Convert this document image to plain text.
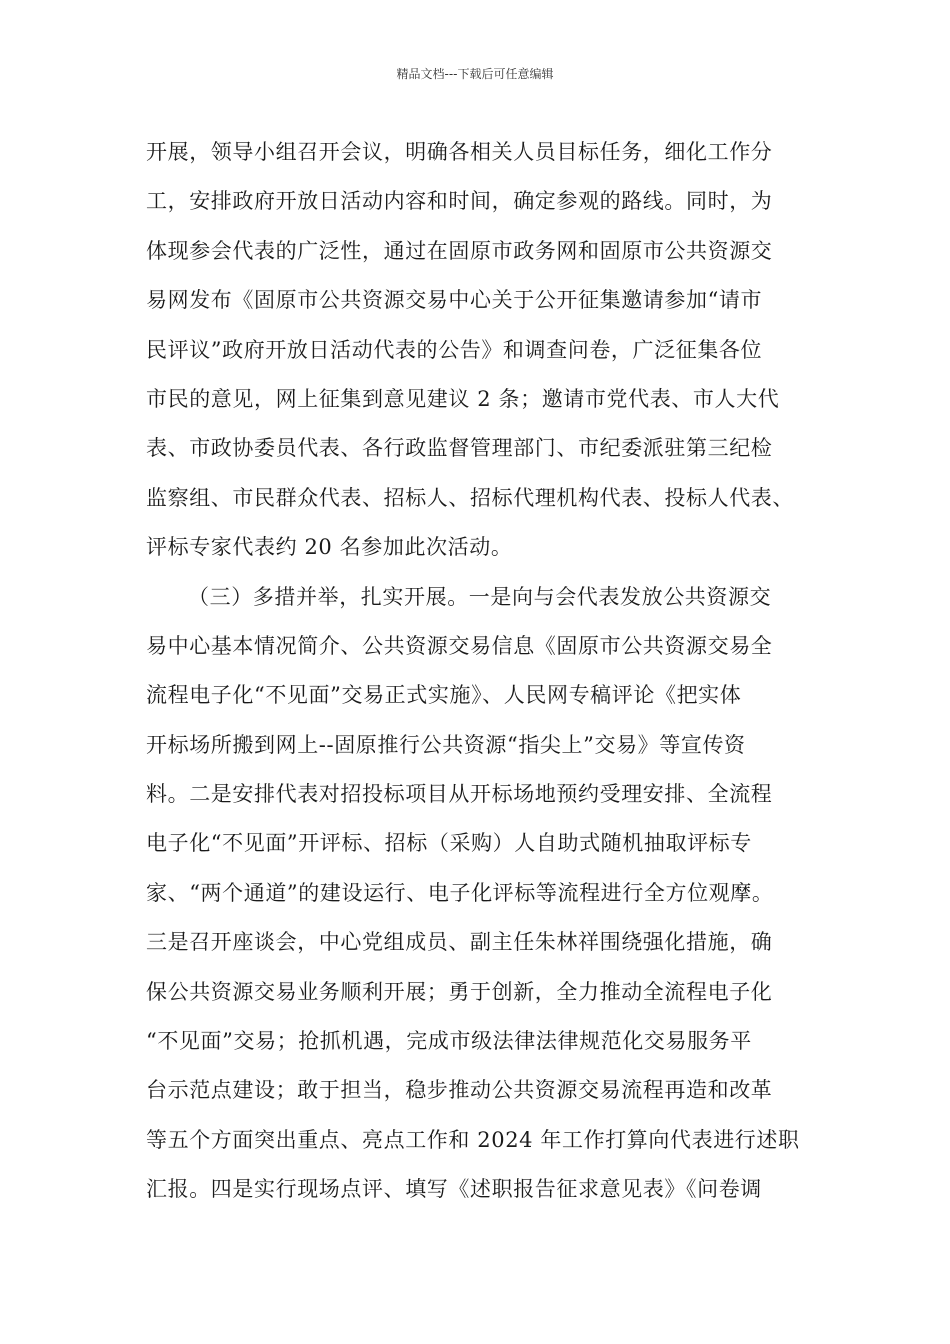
精品文档---下载后可任意编辑
开展，领导小组召开会议，明确各相关人员目标任务，细化工作分
工，安排政府开放日活动内容和时间，确定参观的路线。同时，为
体现参会代表的广泛性，通过在固原市政务网和固原市公共资源交
易网发布《固原市公共资源交易中心关于公开征集邀请参加“请市
民评议”政府开放日活动代表的公告》和调查问卷，广泛征集各位
市民的意见，网上征集到意见建议 2 条；邀请市党代表、市人大代
表、市政协委员代表、各行政监督管理部门、市纪委派驻第三纪检
监察组、市民群众代表、招标人、招标代理机构代表、投标人代表、
评标专家代表约 20 名参加此次活动。
（三）多措并举，扎实开展。一是向与会代表发放公共资源交
易中心基本情况简介、公共资源交易信息《固原市公共资源交易全
流程电子化“不见面”交易正式实施》、人民网专稿评论《把实体
开标场所搬到网上--固原推行公共资源“指尖上”交易》等宣传资
料。二是安排代表对招投标项目从开标场地预约受理安排、全流程
电子化“不见面”开评标、招标（采购）人自助式随机抽取评标专
家、“两个通道”的建设运行、电子化评标等流程进行全方位观摩。
三是召开座谈会，中心党组成员、副主任朱林祥围绕强化措施，确
保公共资源交易业务顺利开展；勇于创新，全力推动全流程电子化
“不见面”交易；抢抓机遇，完成市级法律法律规范化交易服务平
台示范点建设；敢于担当，稳步推动公共资源交易流程再造和改革
等五个方面突出重点、亮点工作和 2024 年工作打算向代表进行述职
汇报。四是实行现场点评、填写《述职报告征求意见表》《问卷调
